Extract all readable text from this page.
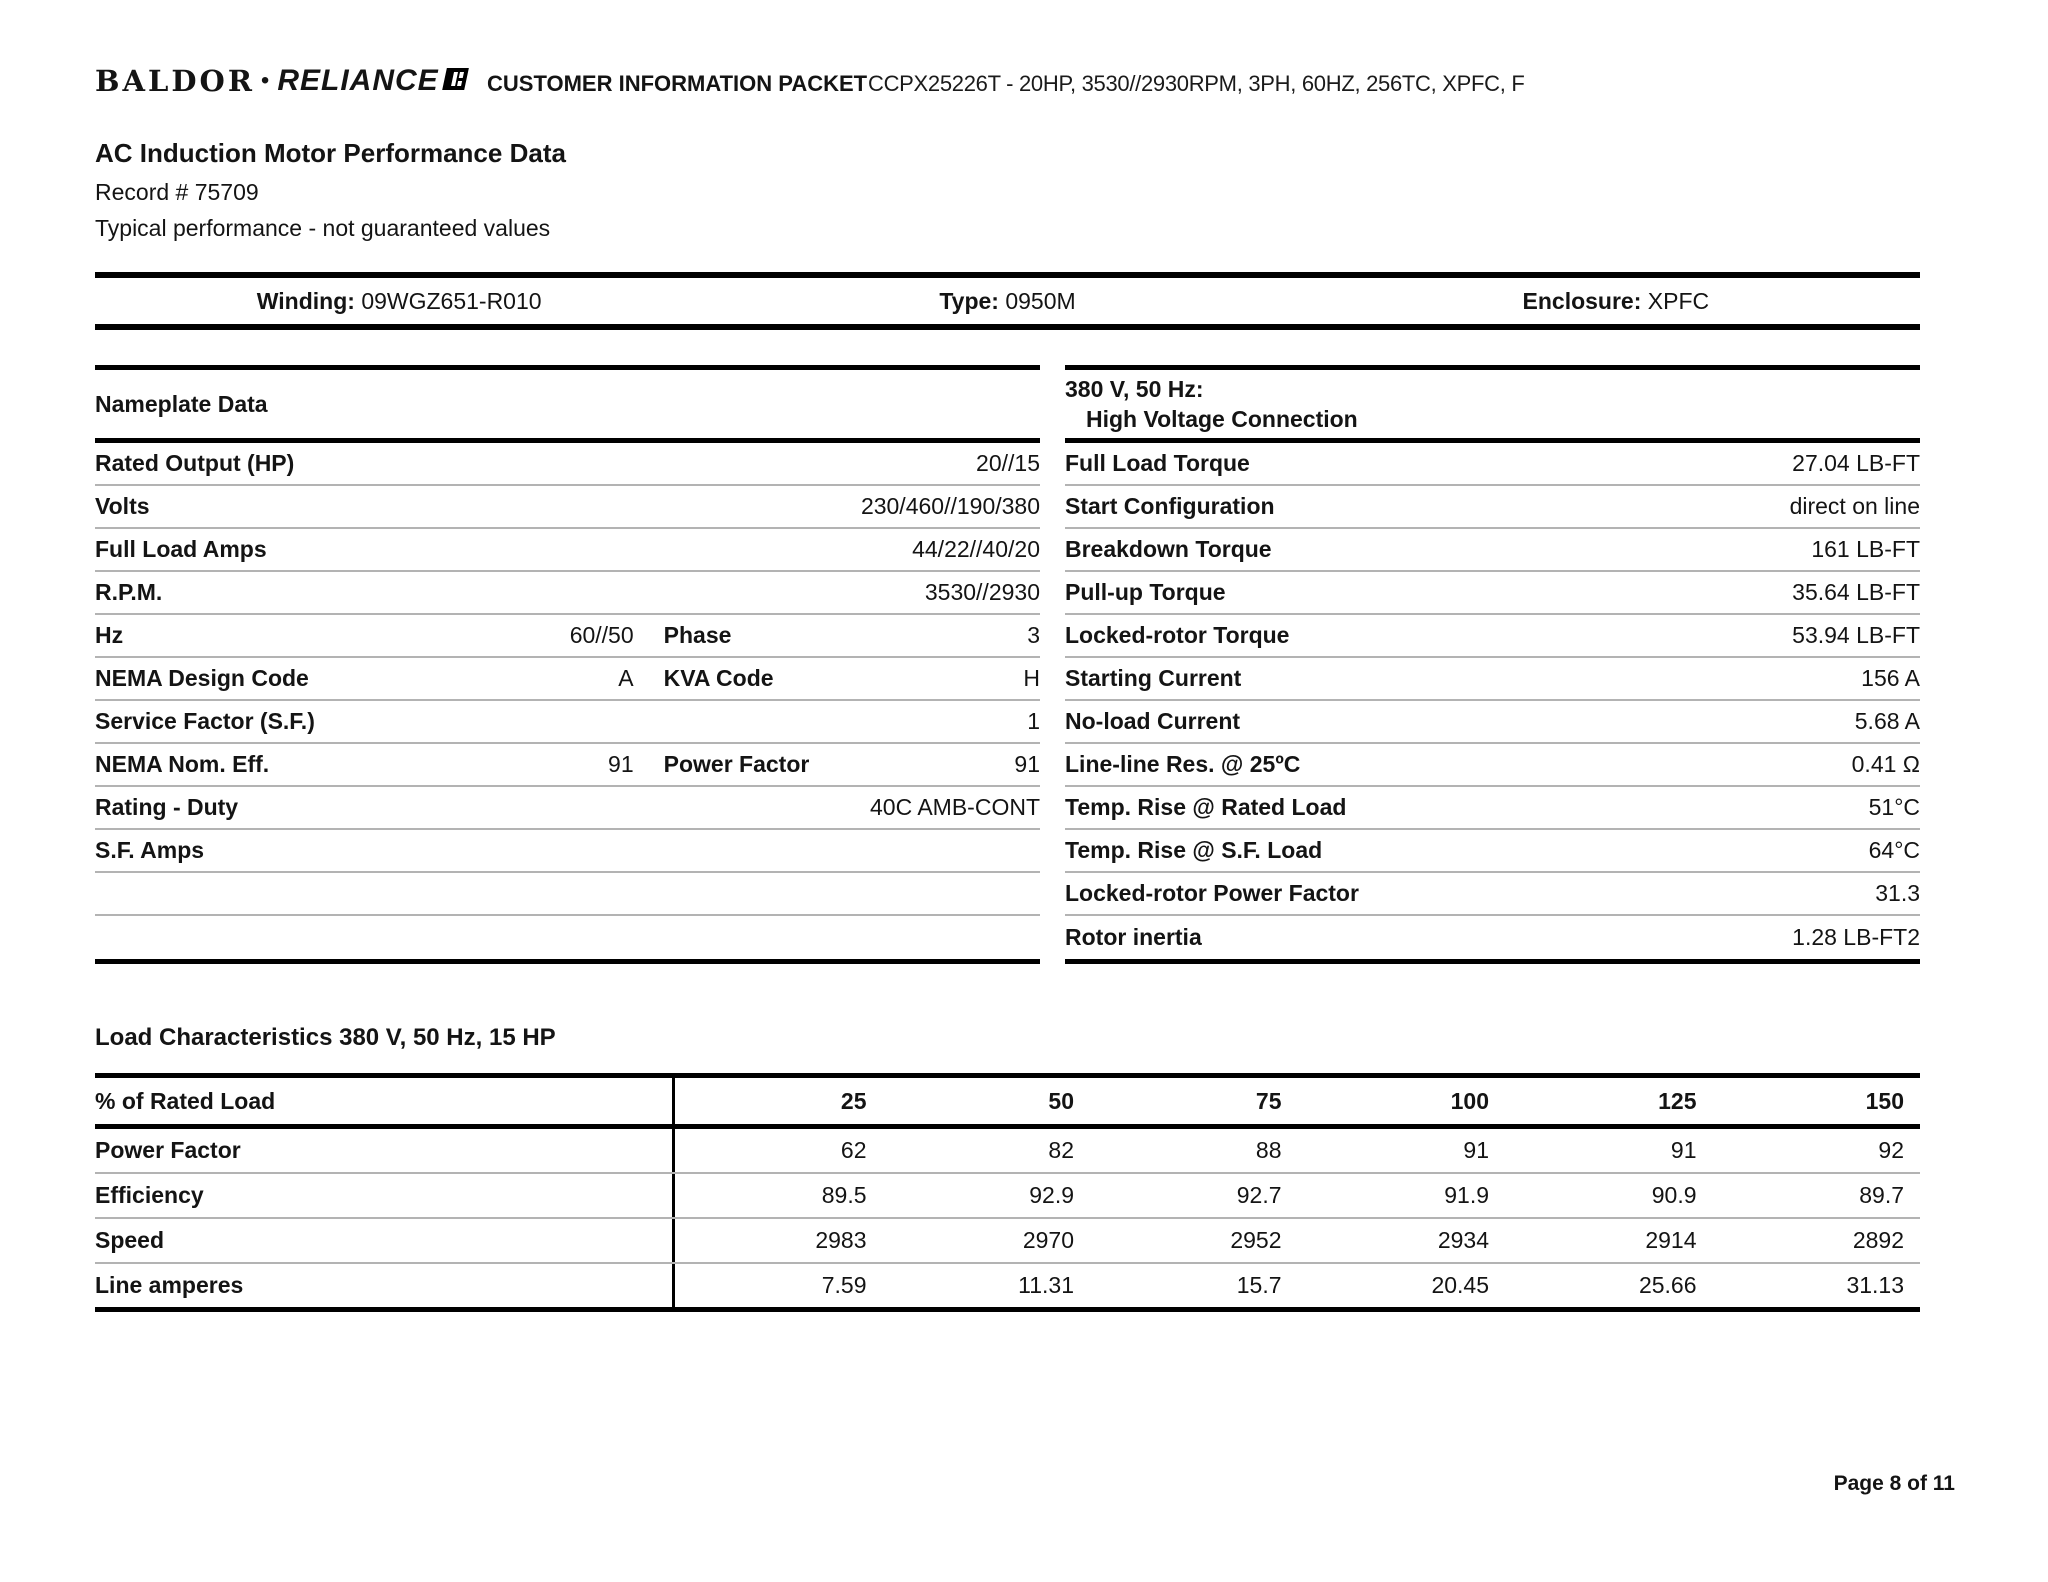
BALDOR • RELIANCE CUSTOMER INFORMATION PACKET CCPX25226T - 20HP, 3530//2930RPM, 3PH, 60HZ, 256TC, XPFC, F
AC Induction Motor Performance Data
Record # 75709
Typical performance - not guaranteed values
Winding: 09WGZ651-R010	Type: 0950M	Enclosure: XPFC
Nameplate Data
Rated Output (HP)	20//15
Volts	230/460//190/380
Full Load Amps	44/22//40/20
R.P.M.	3530//2930
Hz	60//50 Phase	3
NEMA Design Code	A KVA Code	H
Service Factor (S.F.)	1
NEMA Nom. Eff.	91 Power Factor	91
Rating - Duty	40C AMB-CONT
S.F. Amps
380 V, 50 Hz:
High Voltage Connection
Full Load Torque	27.04 LB-FT
Start Configuration	direct on line
Breakdown Torque	161 LB-FT
Pull-up Torque	35.64 LB-FT
Locked-rotor Torque	53.94 LB-FT
Starting Current	156 A
No-load Current	5.68 A
Line-line Res. @ 25ºC	0.41 Ω
Temp. Rise @ Rated Load	51°C
Temp. Rise @ S.F. Load	64°C
Locked-rotor Power Factor	31.3
Rotor inertia	1.28 LB-FT2
Load Characteristics 380 V, 50 Hz, 15 HP
% of Rated Load	25	50	75	100	125	150
Power Factor	62	82	88	91	91	92
Efficiency	89.5	92.9	92.7	91.9	90.9	89.7
Speed	2983	2970	2952	2934	2914	2892
Line amperes	7.59	11.31	15.7	20.45	25.66	31.13
Page 8 of 11
